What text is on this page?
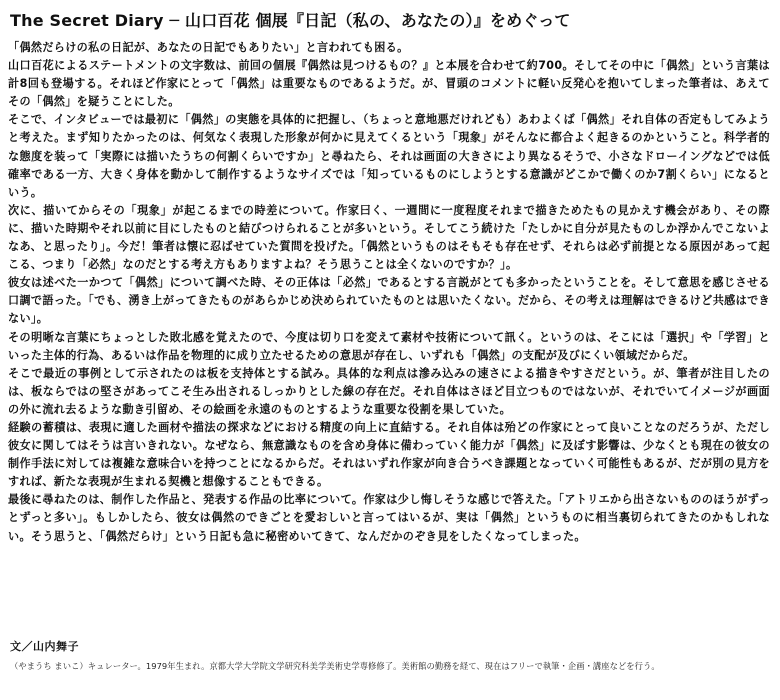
The Secret Diary ─ 山口百花 個展『日記（私の、あなたの）』をめぐって

「偶然だらけの私の日記が、あなたの日記でもありたい」と言われても困る。

山口百花によるステートメントの文字数は、前回の個展『偶然は見つけるもの？』と本展を合わせて約700。そしてその中に「偶然」という言葉は計8回も登場する。それほど作家にとって「偶然」は重要なものであるようだ。が、冒頭のコメントに軽い反発心を抱いてしまった筆者は、あえてその「偶然」を疑うことにした。

そこで、インタビューでは最初に「偶然」の実態を具体的に把握し、（ちょっと意地悪だけれども）あわよくば「偶然」それ自体の否定もしてみようと考えた。まず知りたかったのは、何気なく表現した形象が何かに見えてくるという「現象」がそんなに都合よく起きるのかということ。科学者的な態度を装って「実際には描いたうちの何割くらいですか」と尋ねたら、それは画面の大きさにより異なるそうで、小さなドローイングなどでは低確率である一方、大きく身体を動かして制作するようなサイズでは「知っているものにしようとする意識がどこかで働くのか7割くらい」になるという。

次に、描いてからその「現象」が起こるまでの時差について。作家曰く、一週間に一度程度それまで描きためたもの見かえす機会があり、その際に、描いた時期やそれ以前に目にしたものと結びつけられることが多いという。そしてこう続けた「たしかに自分が見たものしか浮かんでこないよなあ、と思ったり」。今だ！筆者は懐に忍ばせていた質問を投げた。「偶然というものはそもそも存在せず、それらは必ず前提となる原因があって起こる、つまり「必然」なのだとする考え方もありますよね？そう思うことは全くないのですか？」。

彼女は述べた一かつて「偶然」について調べた時、その正体は「必然」であるとする言説がとても多かったということを。そして意思を感じさせる口調で語った。「でも、湧き上がってきたものがあらかじめ決められていたものとは思いたくない。だから、その考えは理解はできるけど共感はできない」。

その明晰な言葉にちょっとした敗北感を覚えたので、今度は切り口を変えて素材や技術について訊く。というのは、そこには「選択」や「学習」といった主体的行為、あるいは作品を物理的に成り立たせるための意思が存在し、いずれも「偶然」の支配が及びにくい領域だからだ。

そこで最近の事例として示されたのは板を支持体とする試み。具体的な利点は滲み込みの速さによる描きやすさだという。が、筆者が注目したのは、板ならではの堅さがあってこそ生み出されるしっかりとした線の存在だ。それ自体はさほど目立つものではないが、それでいてイメージが画面の外に流れ去るような動き引留め、その絵画を永遠のものとするような重要な役割を果していた。

経験の蓄積は、表現に適した画材や描法の探求などにおける精度の向上に直結する。それ自体は殆どの作家にとって良いことなのだろうが、ただし彼女に関してはそうは言いきれない。なぜなら、無意識なものを含め身体に備わっていく能力が「偶然」に及ぼす影響は、少なくとも現在の彼女の制作手法に対しては複雑な意味合いを持つことになるからだ。それはいずれ作家が向き合うべき課題となっていく可能性もあるが、だが別の見方をすれば、新たな表現が生まれる契機と想像することもできる。

最後に尋ねたのは、制作した作品と、発表する作品の比率について。作家は少し悔しそうな感じで答えた。「アトリエから出さないもののほうがずっとずっと多い」。もしかしたら、彼女は偶然のできごとを愛おしいと言ってはいるが、実は「偶然」というものに相当裏切られてきたのかもしれない。そう思うと、「偶然だらけ」という日記も急に秘密めいてきて、なんだかのぞき見をしたくなってしまった。

文／山内舞子
（やまうち まいこ）キュレーター。1979年生まれ。京都大学大学院文学研究科美学美術史学専修修了。美術館の勤務を経て、現在はフリーで執筆・企画・講座などを行う。
